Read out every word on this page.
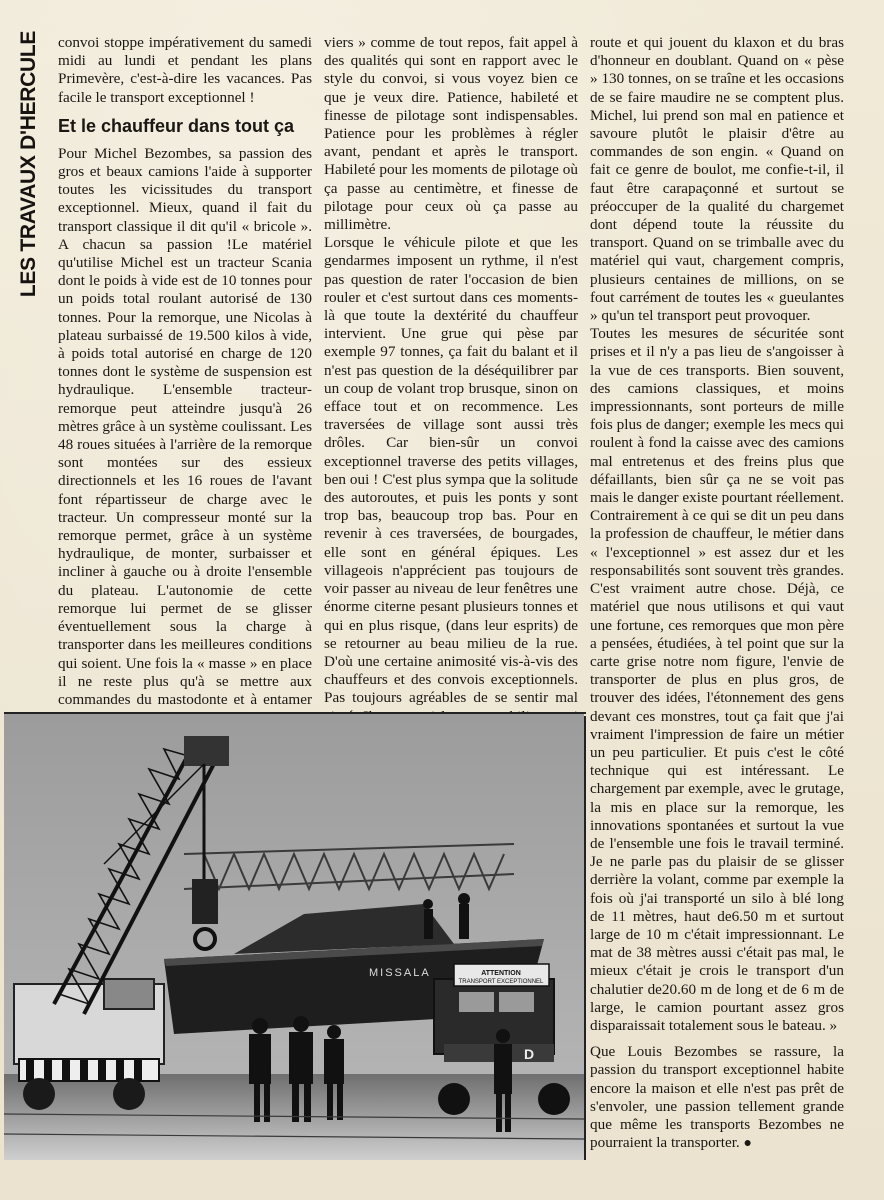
LES TRAVAUX D'HERCULE convoi stoppe impérativement du samedi midi au lundi et pendant les plans Primevère, c'est-à-dire les vacances. Pas facile le transport exceptionnel !

Et le chauffeur dans tout ça

Pour Michel Bezombes, sa passion des gros et beaux camions l'aide à supporter toutes les vicissitudes du transport exceptionnel. Mieux, quand il fait du transport classique il dit qu'il « bricole ». A chacun sa passion !Le matériel qu'utilise Michel est un tracteur Scania dont le poids à vide est de 10 tonnes pour un poids total roulant autorisé de 130 tonnes. Pour la remorque, une Nicolas à plateau surbaissé de 19.500 kilos à vide, à poids total autorisé en charge de 120 tonnes dont le système de suspension est hydraulique. L'ensemble tracteur-remorque peut atteindre jusqu'à 26 mètres grâce à un système coulissant. Les 48 roues situées à l'arrière de la remorque sont montées sur des essieux directionnels et les 16 roues de l'avant font répartisseur de charge avec le tracteur. Un compresseur monté sur la remorque permet, grâce à un système hydraulique, de monter, surbaisser et incliner à gauche ou à droite l'ensemble du plateau. L'autonomie de cette remorque lui permet de se glisser éventuellement sous la charge à transporter dans les meilleures conditions qui soient. Une fois la « masse » en place il ne reste plus qu'à se mettre aux commandes du mastodonte et à entamer

viers » comme de tout repos, fait appel à des qualités qui sont en rapport avec le style du convoi, si vous voyez bien ce que je veux dire. Patience, habileté et finesse de pilotage sont indispensables. Patience pour les problèmes à régler avant, pendant et après le transport. Habileté pour les moments de pilotage où ça passe au centimètre, et finesse de pilotage pour ceux où ça passe au millimètre.

Lorsque le véhicule pilote et que les gendarmes imposent un rythme, il n'est pas question de rater l'occasion de bien rouler et c'est surtout dans ces moments-là que toute la dextérité du chauffeur intervient. Une grue qui pèse par exemple 97 tonnes, ça fait du balant et il n'est pas question de la déséquilibrer par un coup de volant trop brusque, sinon on efface tout et on recommence. Les traversées de village sont aussi très drôles. Car bien-sûr un convoi exceptionnel traverse des petits villages, ben oui ! C'est plus sympa que la solitude des autoroutes, et puis les ponts y sont trop bas, beaucoup trop bas. Pour en revenir à ces traversées, de bourgades, elle sont en général épiques. Les villageois n'apprécient pas toujours de voir passer au niveau de leur fenêtres une énorme citerne pesant plusieurs tonnes et qui en plus risque, (dans leur esprits) de se retourner au beau milieu de la rue. D'où une certaine animosité vis-à-vis des chauffeurs et des convois exceptionnels. Pas toujours agréables de se sentir mal

route et qui jouent du klaxon et du bras d'honneur en doublant. Quand on « pèse » 130 tonnes, on se traîne et les occasions de se faire maudire ne se comptent plus. Michel, lui prend son mal en patience et savoure plutôt le plaisir d'être au commandes de son engin. « Quand on fait ce genre de boulot, me confie-t-il, il faut être carapaçonné et surtout se préoccuper de la qualité du chargemet dont dépend toute la réussite du transport. Quand on se trimballe avec du matériel qui vaut, chargement compris, plusieurs centaines de millions, on se fout carrément de toutes les « gueulantes » qu'un tel transport peut provoquer.

Toutes les mesures de sécuritée sont prises et il n'y a pas lieu de s'angoisser à la vue de ces transports. Bien souvent, des camions classiques, et moins impressionnants, sont porteurs de mille fois plus de danger; exemple les mecs qui roulent à fond la caisse avec des camions mal entretenus et des freins plus que défaillants, bien sûr ça ne se voit pas mais le danger existe pourtant réellement. Contrairement à ce qui se dit un peu dans la profession de chauffeur, le métier dans « l'exceptionnel » est assez dur et les responsabilités sont souvent très grandes. C'est vraiment autre chose. Déjà, ce matériel que nous utilisons et qui vaut une fortune, ces remorques que mon père a pensées, étudiées, à tel point que sur la carte grise notre nom figure, l'envie de transporter de plus en plus gros, de trouver des idées, l'étonnement des gens devant ces monstres, tout ça fait que j'ai vraiment l'impression de faire un métier un peu particulier. Et puis c'est le côté technique qui est intéressant. Le chargement par exemple, avec le grutage, la mis en place sur la remorque, les innovations spontanées et surtout la vue de l'ensemble une fois le travail terminé. Je ne parle pas du plaisir de se glisser derrière la volant, comme par exemple la fois où j'ai transporté un silo à blé long de 11 mètres, haut de6.50 m et surtout large de 10 m c'était impressionnant. Le mat de 38 mètres aussi c'était pas mal, le mieux c'était je crois le transport d'un chalutier de20.60 m de long et de 6 m de large, le camion pourtant assez gros disparaissait totalement sous le bateau. »

Que Louis Bezombes se rassure, la passion du transport exceptionnel habite encore la maison et elle n'est pas prêt de s'envoler, une passion tellement grande que même les transports Bezombes ne pourraient la transporter. ●

MISSALA	ATTENTION
TRANSPORT EXCEPTIONNEL
D
